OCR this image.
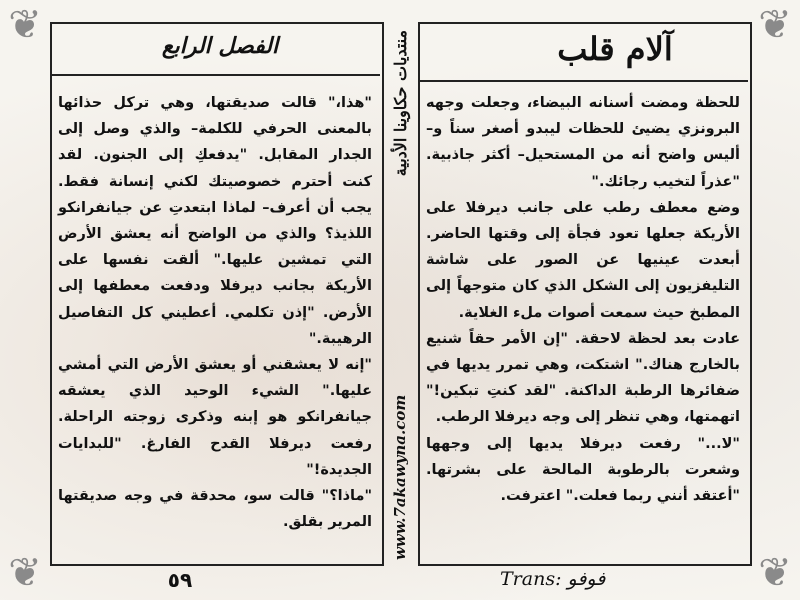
❦	❦
❦	❦
آلام قلب
الفصل الرابع

للحظة ومضت أسنانه البيضاء، وجعلت وجهه البرونزي يضيئ للحظات ليبدو أصغر سناً و– أليس واضح أنه من المستحيل– أكثر جاذبية. "عذراً لتخيب رجائك."

وضع معطف رطب على جانب ديرفلا على الأريكة جعلها تعود فجأة إلى وقتها الحاضر. أبعدت عينيها عن الصور على شاشة التليفزيون إلى الشكل الذي كان متوجهاً إلى المطبخ حيث سمعت أصوات ملء الغلاية.

عادت بعد لحظة لاحقة. "إن الأمر حقاً شنيع بالخارج هناك." اشتكت، وهي تمرر يديها في ضفائرها الرطبة الداكنة. "لقد كنتِ تبكين!" اتهمتها، وهي تنظر إلى وجه ديرفلا الرطب.

"لا..." رفعت ديرفلا يديها إلى وجهها وشعرت بالرطوبة المالحة على بشرتها. "أعتقد أنني ربما فعلت." اعترفت.

"هذا،" قالت صديقتها، وهي تركل حذائها بالمعنى الحرفي للكلمة– والذي وصل إلى الجدار المقابل. "يدفعكِ إلى الجنون. لقد كنت أحترم خصوصيتك لكني إنسانة فقط. يجب أن أعرف– لماذا ابتعدتِ عن جيانفرانكو اللذيذ؟ والذي من الواضح أنه يعشق الأرض التي تمشين عليها." ألقت نفسها على الأريكة بجانب ديرفلا ودفعت معطفها إلى الأرض. "إذن تكلمي. أعطيني كل التفاصيل الرهيبة."

"إنه لا يعشقني أو يعشق الأرض التي أمشي عليها." الشيء الوحيد الذي يعشقه جيانفرانكو هو إبنه وذكرى زوجته الراحلة. رفعت ديرفلا القدح الفارغ. "للبدايات الجديدة!"

"ماذا؟" قالت سو، محدقة في وجه صديقتها المرير بقلق. www.7akawyna.com
منتديات حكاوينا الأدبية
٥٩	Trans: فوفو
